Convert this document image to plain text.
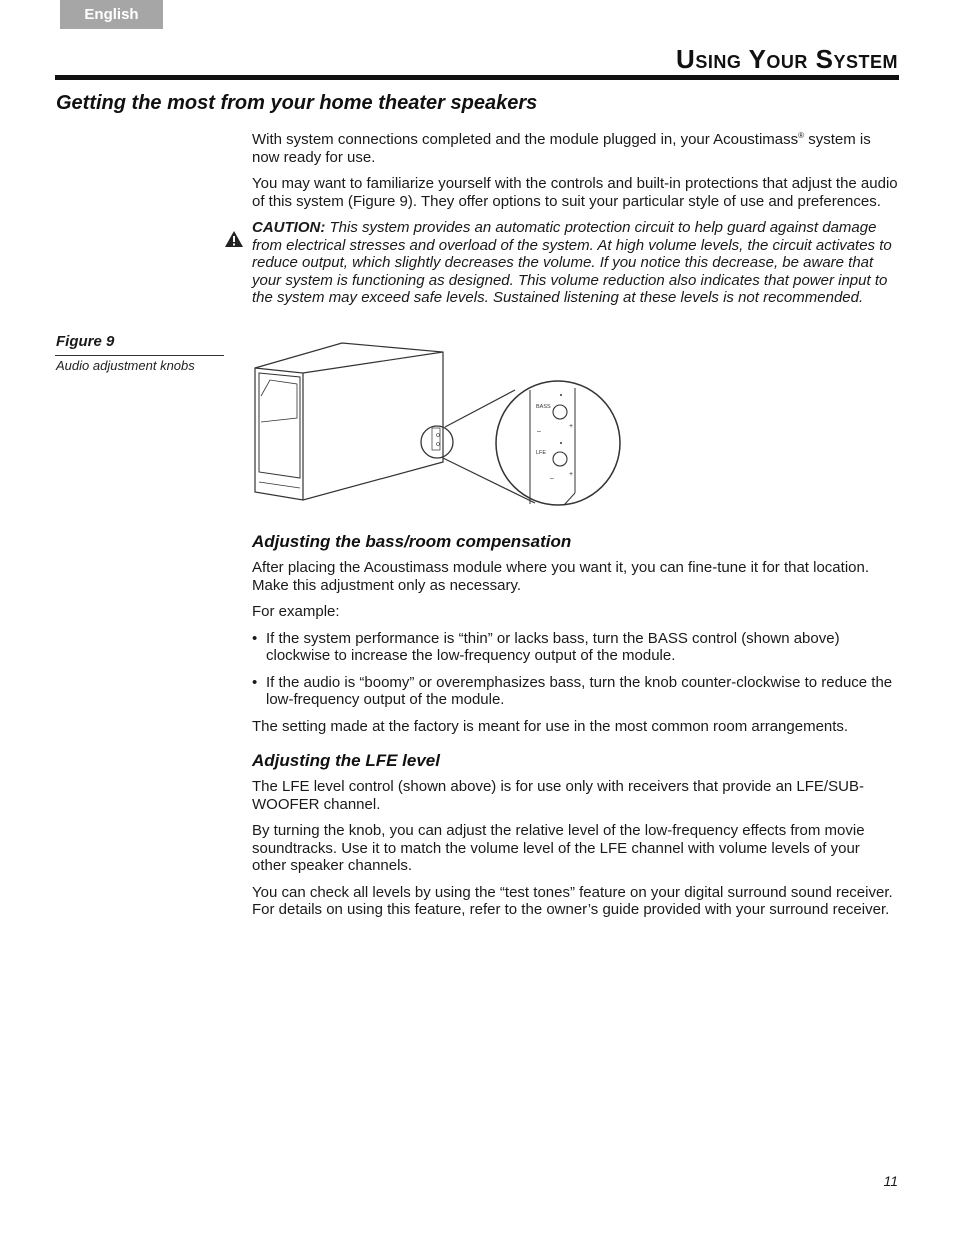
English
Using Your System
Getting the most from your home theater speakers

With system connections completed and the module plugged in, your Acoustimass® system is now ready for use.

You may want to familiarize yourself with the controls and built-in protections that adjust the audio of this system (Figure 9). They offer options to suit your particular style of use and preferences.

CAUTION: This system provides an automatic protection circuit to help guard against damage from electrical stresses and overload of the system. At high volume levels, the circuit activates to reduce output, which slightly decreases the volume. If you notice this decrease, be aware that your system is functioning as designed. This volume reduction also indicates that power input to the system may exceed safe levels. Sustained listening at these levels is not recommended.

Figure 9

Audio adjustment knobs

BASS
LFE
+
–
+
–
Adjusting the bass/room compensation

After placing the Acoustimass module where you want it, you can fine-tune it for that location. Make this adjustment only as necessary.

For example:

• If the system performance is “thin” or lacks bass, turn the BASS control (shown above) clockwise to increase the low-frequency output of the module.

• If the audio is “boomy” or overemphasizes bass, turn the knob counter-clockwise to reduce the low-frequency output of the module.

The setting made at the factory is meant for use in the most common room arrangements.

Adjusting the LFE level

The LFE level control (shown above) is for use only with receivers that provide an LFE/SUB-WOOFER channel.

By turning the knob, you can adjust the relative level of the low-frequency effects from movie soundtracks. Use it to match the volume level of the LFE channel with volume levels of your other speaker channels.

You can check all levels by using the “test tones” feature on your digital surround sound receiver. For details on using this feature, refer to the owner’s guide provided with your surround receiver.

11
